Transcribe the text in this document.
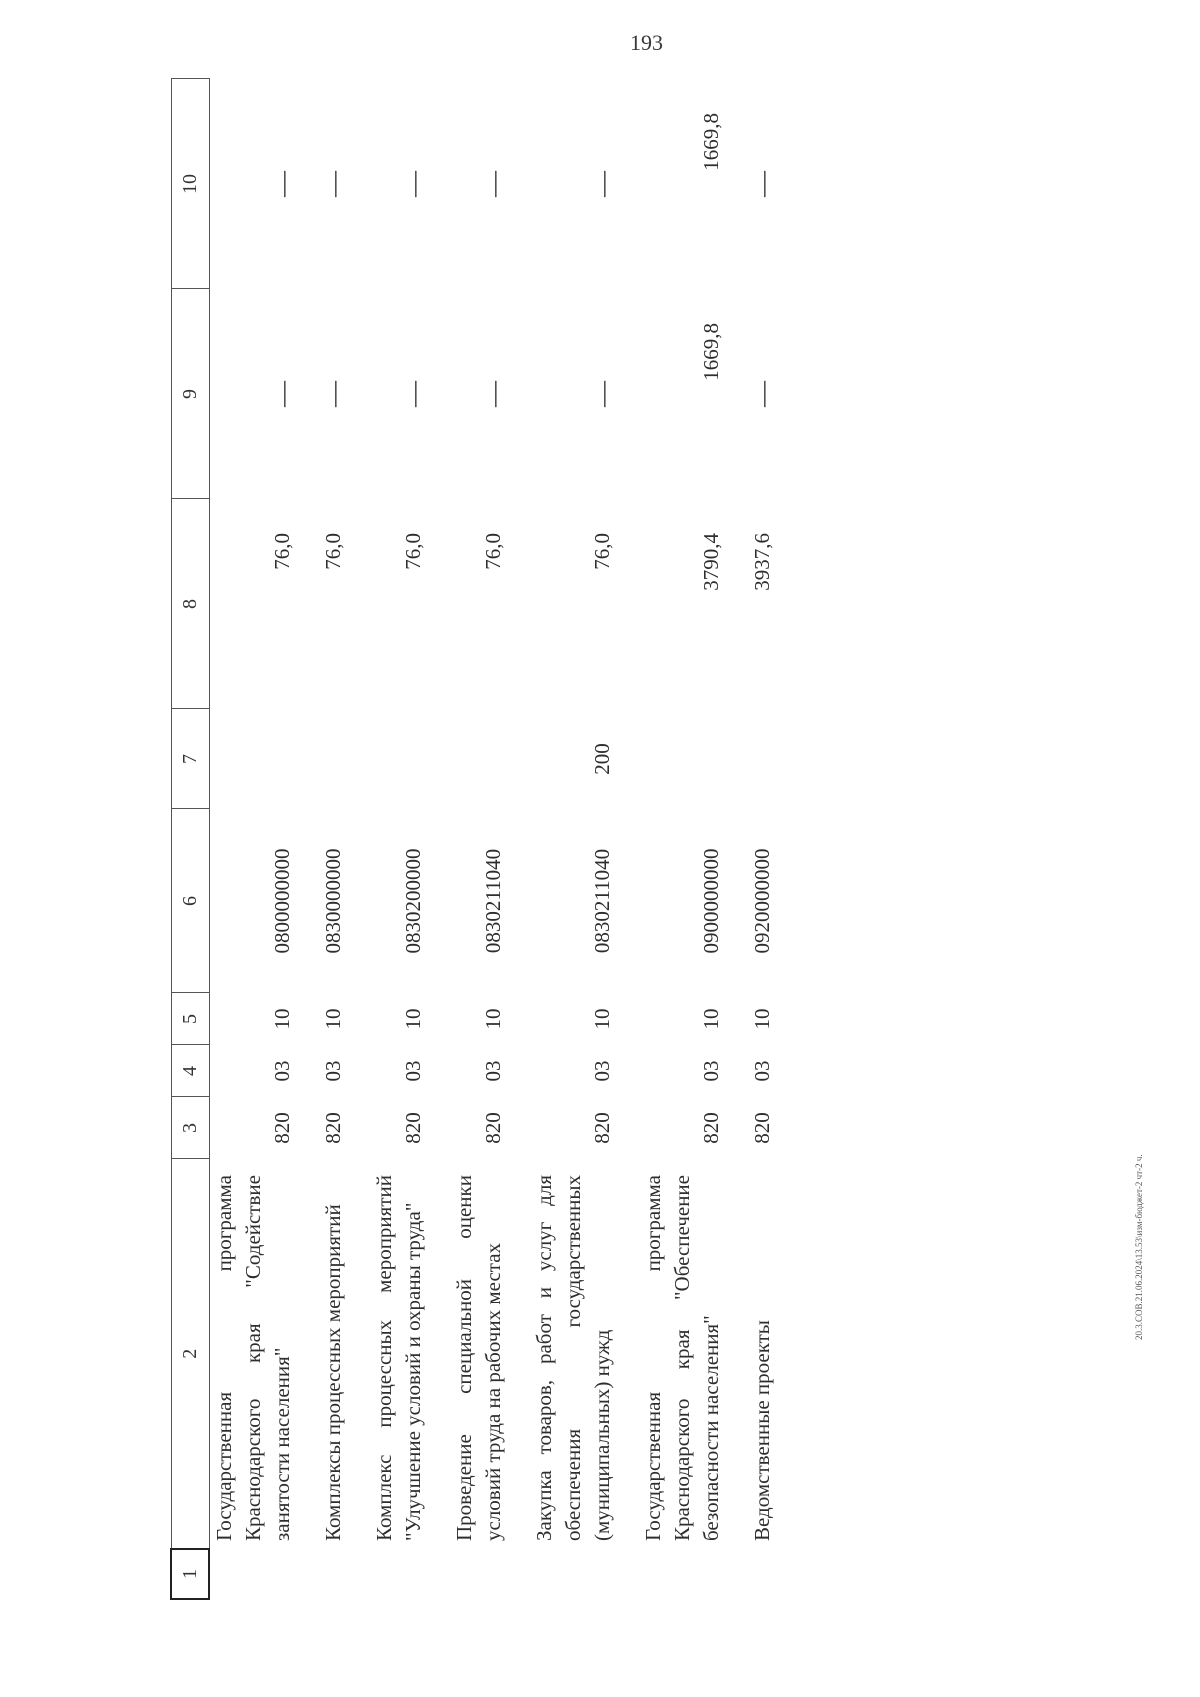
193
20.3.СОВ.21.06.2024\13.53\изм-бюджет-2 чт-2 ч.
1	2	3	4	5	6	7	8	9	10
	Государственная программа Краснодарского края "Содействие занятости населения"	820	03	10	0800000000		76,0	—	—

	Комплексы процессных мероприятий	820	03	10	0830000000		76,0	—	—

	Комплекс процессных мероприятий "Улучшение условий и охраны труда"	820	03	10	0830200000		76,0	—	—

	Проведение специальной оценки условий труда на рабочих местах	820	03	10	0830211040		76,0	—	—

	Закупка товаров, работ и услуг для обеспечения государственных (муниципальных) нужд	820	03	10	0830211040	200	76,0	—	—

	Государственная программа Краснодарского края "Обеспечение безопасности населения"	820	03	10	0900000000		3790,4	1669,8	1669,8

	Ведомственные проекты	820	03	10	0920000000		3937,6	—	—
